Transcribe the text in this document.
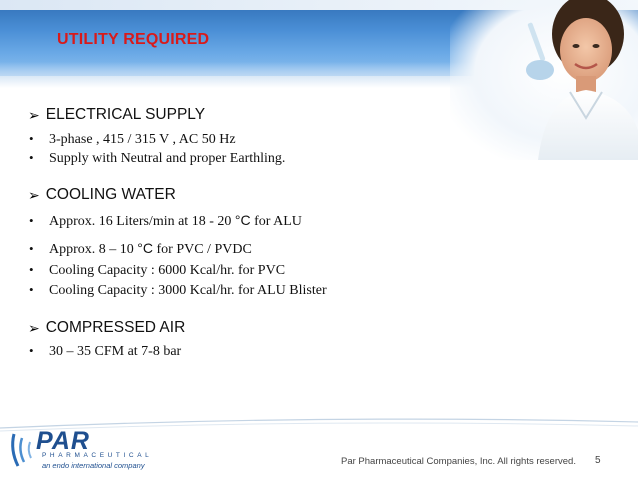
UTILITY REQUIRED
➢ ELECTRICAL SUPPLY
•	3-phase , 415 / 315 V , AC 50 Hz
•	Supply with Neutral and proper Earthling.
➢ COOLING WATER
•	Approx. 16 Liters/min at 18 - 20 °C for ALU
•	Approx. 8 – 10 °C for PVC / PVDC
•	Cooling Capacity : 6000 Kcal/hr. for PVC
•	Cooling Capacity : 3000 Kcal/hr. for ALU Blister
➢ COMPRESSED AIR
•	30 – 35 CFM at 7-8 bar
PAR
PHARMACEUTICAL
an endo international company	Par Pharmaceutical Companies, Inc. All rights reserved. 5
